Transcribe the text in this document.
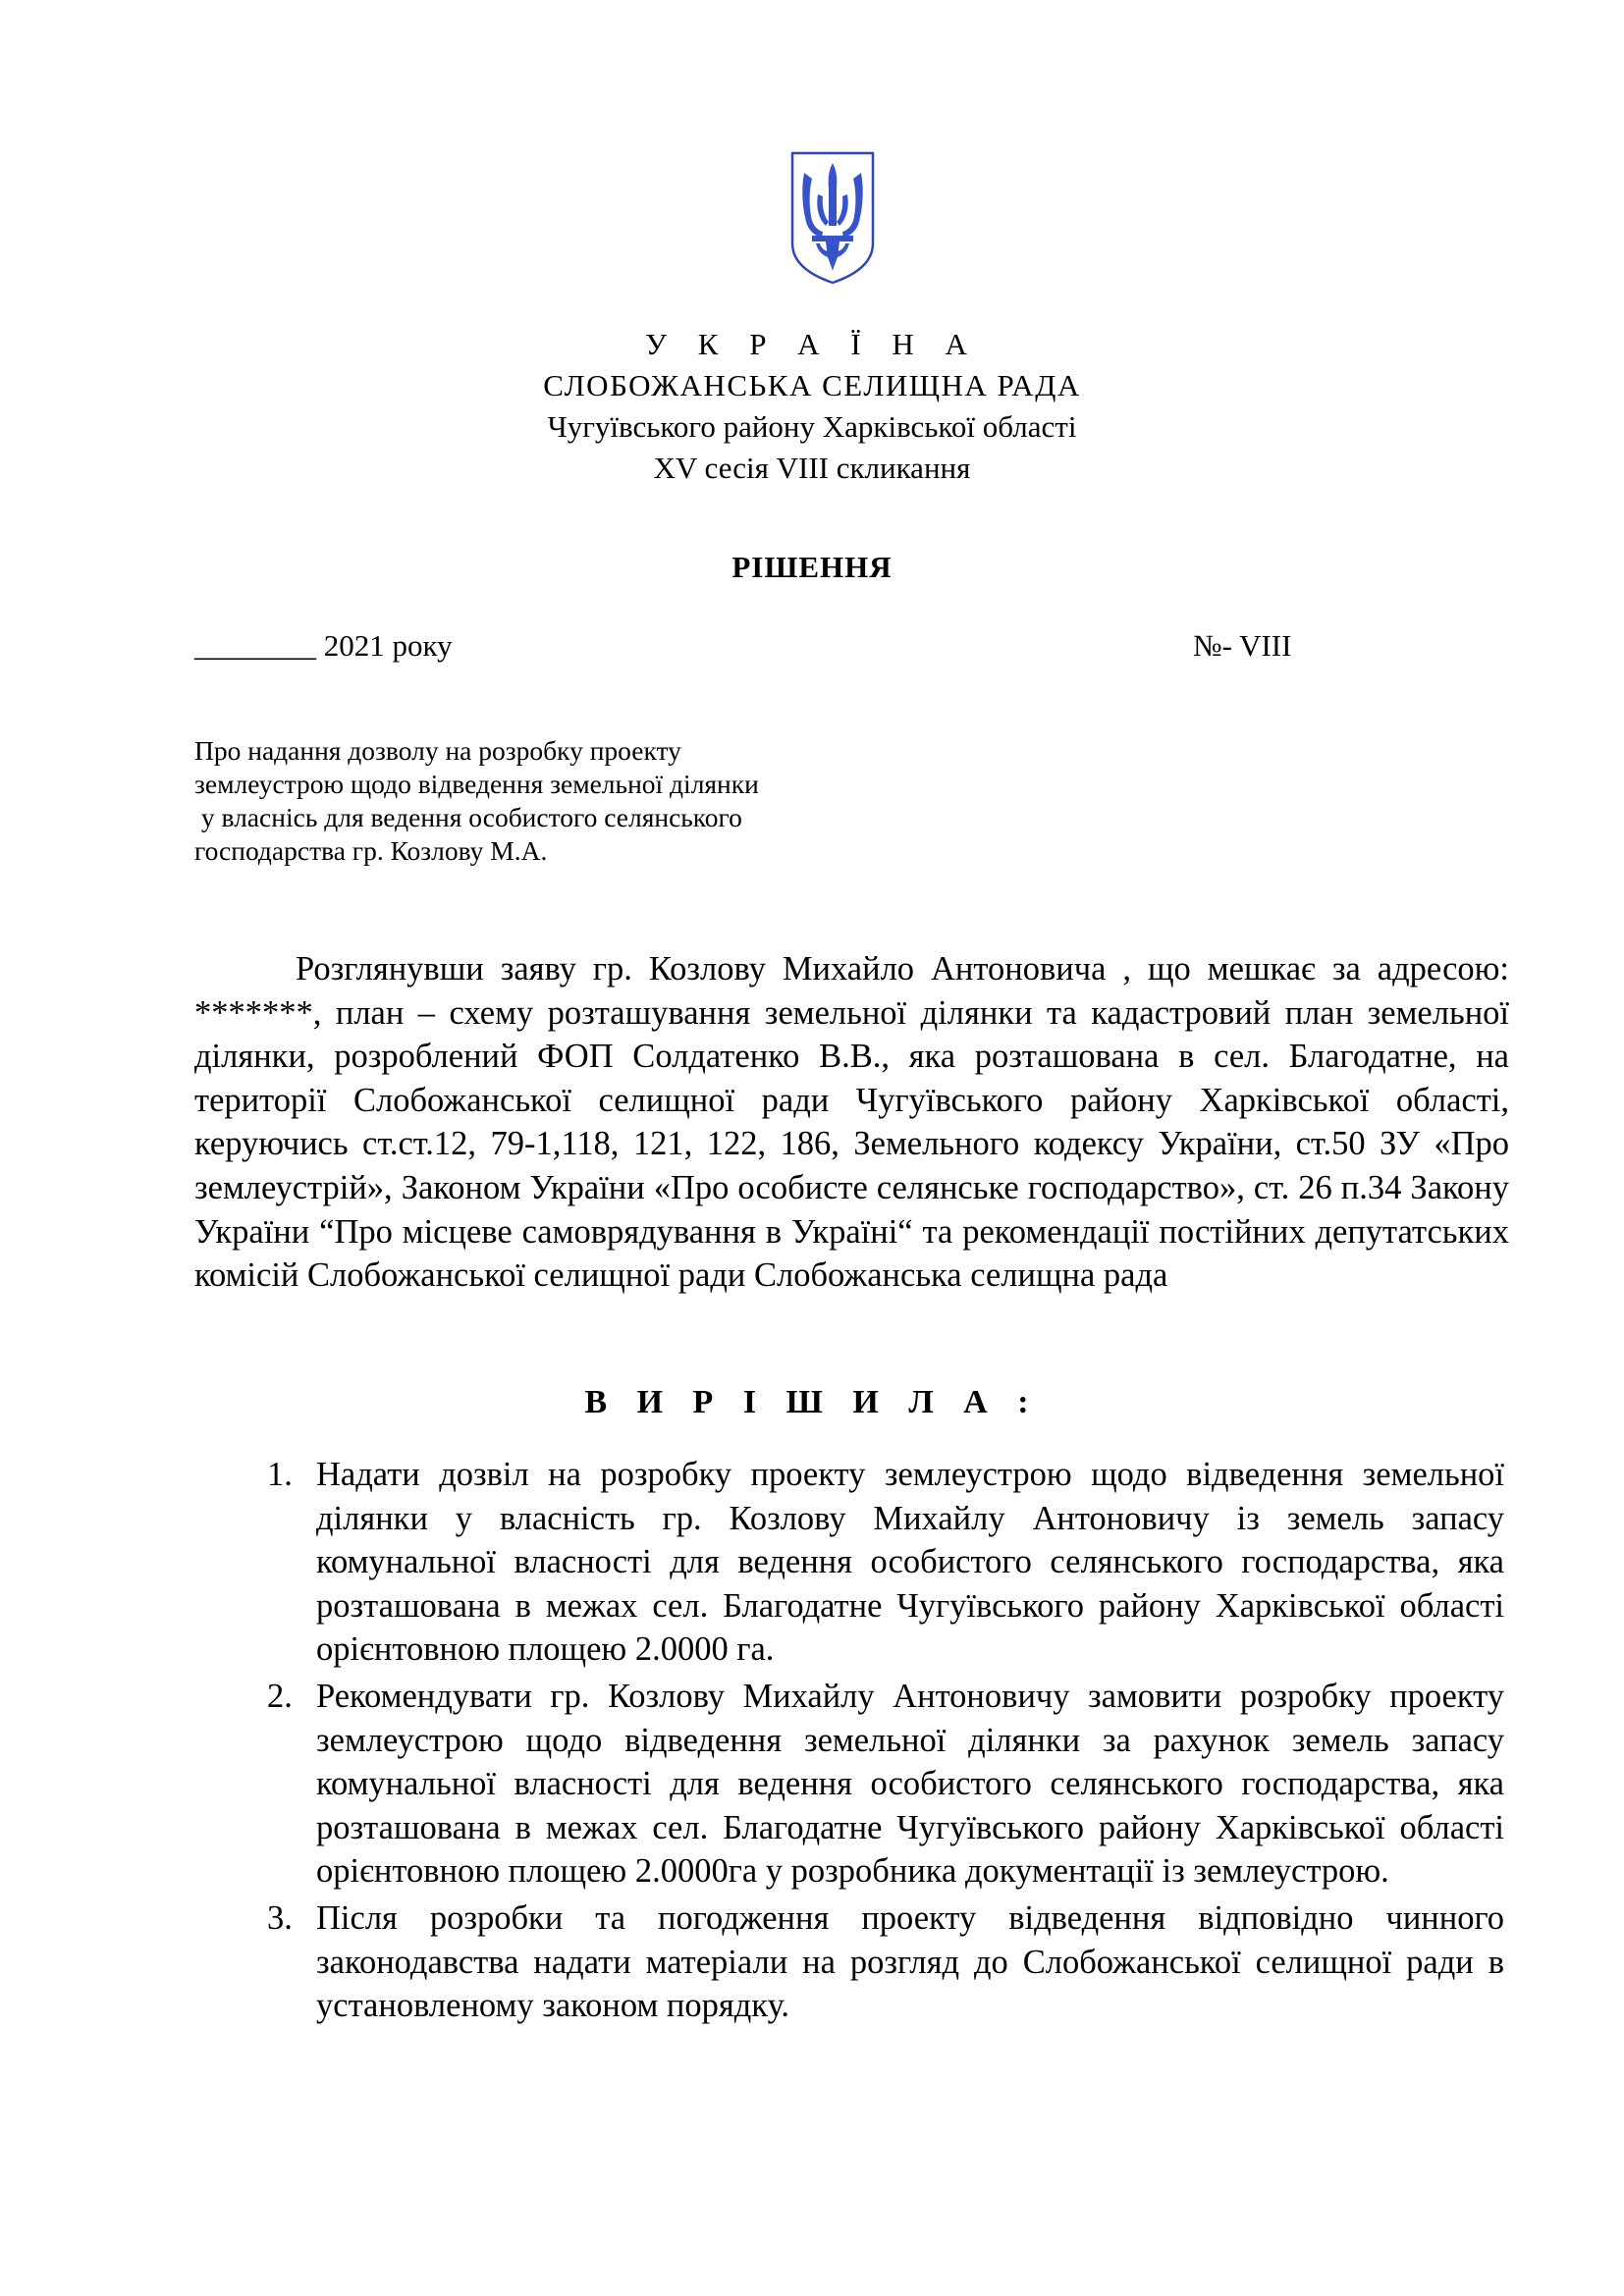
У К Р А Ї Н А
СЛОБОЖАНСЬКА СЕЛИЩНА РАДА
Чугуївського району Харківської області
XV сесія VIII скликання
РІШЕННЯ
________ 2021 року	№- VIII
Про надання дозволу на розробку проекту
землеустрою щодо відведення земельної ділянки
у власнісь для ведення особистого селянського
господарства гр. Козлову М.А.
Розглянувши заяву гр. Козлову Михайло Антоновича , що мешкає за адресою: *******, план – схему розташування земельної ділянки та кадастровий план земельної ділянки, розроблений ФОП Солдатенко В.В., яка розташована в сел. Благодатне, на території Слобожанської селищної ради Чугуївського району Харківської області, керуючись ст.ст.12, 79-1,118, 121, 122, 186, Земельного кодексу України, ст.50 ЗУ «Про землеустрій», Законом України «Про особисте селянське господарство», ст. 26 п.34 Закону України “Про місцеве самоврядування в Україні“ та рекомендації постійних депутатських комісій Слобожанської селищної ради Слобожанська селищна рада
В И Р І Ш И Л А :
1. Надати дозвіл на розробку проекту землеустрою щодо відведення земельної ділянки у власність гр. Козлову Михайлу Антоновичу із земель запасу комунальної власності для ведення особистого селянського господарства, яка розташована в межах сел. Благодатне Чугуївського району Харківської області орієнтовною площею 2.0000 га.
2. Рекомендувати гр. Козлову Михайлу Антоновичу замовити розробку проекту землеустрою щодо відведення земельної ділянки за рахунок земель запасу комунальної власності для ведення особистого селянського господарства, яка розташована в межах сел. Благодатне Чугуївського району Харківської області орієнтовною площею 2.0000га у розробника документації із землеустрою.
3. Після розробки та погодження проекту відведення відповідно чинного законодавства надати матеріали на розгляд до Слобожанської селищної ради в установленому законом порядку.
